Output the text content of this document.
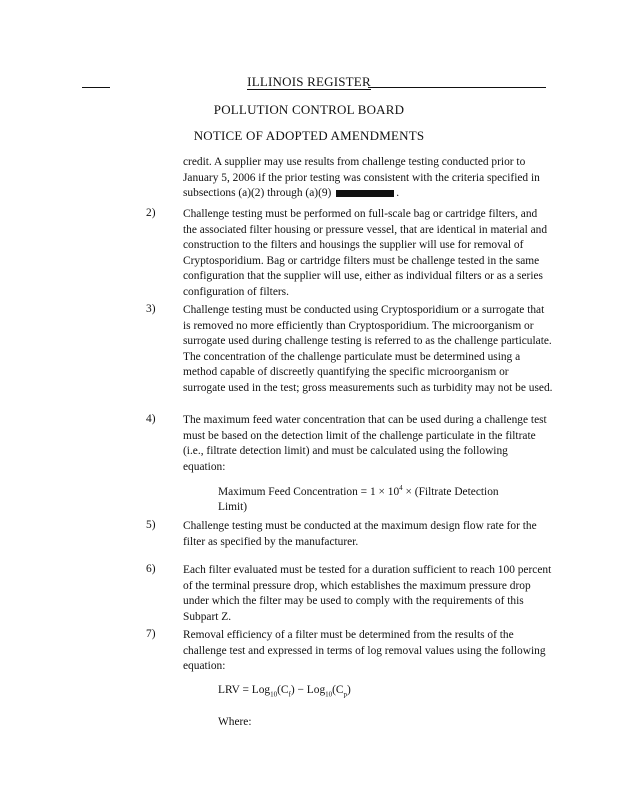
ILLINOIS REGISTER
POLLUTION CONTROL BOARD
NOTICE OF ADOPTED AMENDMENTS
credit. A supplier may use results from challenge testing conducted prior to January 5, 2006 if the prior testing was consistent with the criteria specified in subsections (a)(2) through (a)(9)	.
2) Challenge testing must be performed on full-scale bag or cartridge filters, and the associated filter housing or pressure vessel, that are identical in material and construction to the filters and housings the supplier will use for removal of Cryptosporidium. Bag or cartridge filters must be challenge tested in the same configuration that the supplier will use, either as individual filters or as a series configuration of filters.
3) Challenge testing must be conducted using Cryptosporidium or a surrogate that is removed no more efficiently than Cryptosporidium. The microorganism or surrogate used during challenge testing is referred to as the challenge particulate. The concentration of the challenge particulate must be determined using a method capable of discreetly quantifying the specific microorganism or surrogate used in the test; gross measurements such as turbidity may not be used.
4) The maximum feed water concentration that can be used during a challenge test must be based on the detection limit of the challenge particulate in the filtrate (i.e., filtrate detection limit) and must be calculated using the following equation:
Maximum Feed Concentration = $1 \times 10^4$ × (Filtrate Detection Limit)
5) Challenge testing must be conducted at the maximum design flow rate for the filter as specified by the manufacturer.
6) Each filter evaluated must be tested for a duration sufficient to reach 100 percent of the terminal pressure drop, which establishes the maximum pressure drop under which the filter may be used to comply with the requirements of this Subpart Z.
7) Removal efficiency of a filter must be determined from the results of the challenge test and expressed in terms of log removal values using the following equation:
LRV = $Log_{10}(C_f) - Log_{10}(C_p)$
Where:
